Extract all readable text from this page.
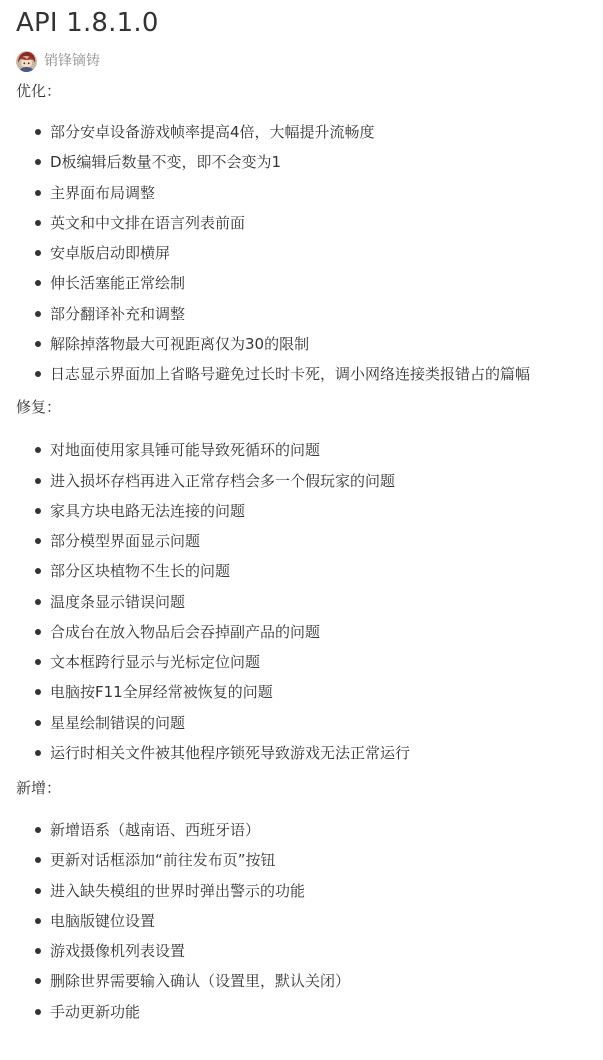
API 1.8.1.0
销锋镝铸

优化：

部分安卓设备游戏帧率提高4倍，大幅提升流畅度
D板编辑后数量不变，即不会变为1
主界面布局调整
英文和中文排在语言列表前面
安卓版启动即横屏
伸长活塞能正常绘制
部分翻译补充和调整
解除掉落物最大可视距离仅为30的限制
日志显示界面加上省略号避免过长时卡死，调小网络连接类报错占的篇幅

修复：

对地面使用家具锤可能导致死循环的问题
进入损坏存档再进入正常存档会多一个假玩家的问题
家具方块电路无法连接的问题
部分模型界面显示问题
部分区块植物不生长的问题
温度条显示错误问题
合成台在放入物品后会吞掉副产品的问题
文本框跨行显示与光标定位问题
电脑按F11全屏经常被恢复的问题
星星绘制错误的问题
运行时相关文件被其他程序锁死导致游戏无法正常运行

新增：

新增语系（越南语、西班牙语）
更新对话框添加“前往发布页”按钮
进入缺失模组的世界时弹出警示的功能
电脑版键位设置
游戏摄像机列表设置
删除世界需要输入确认（设置里，默认关闭）
手动更新功能
